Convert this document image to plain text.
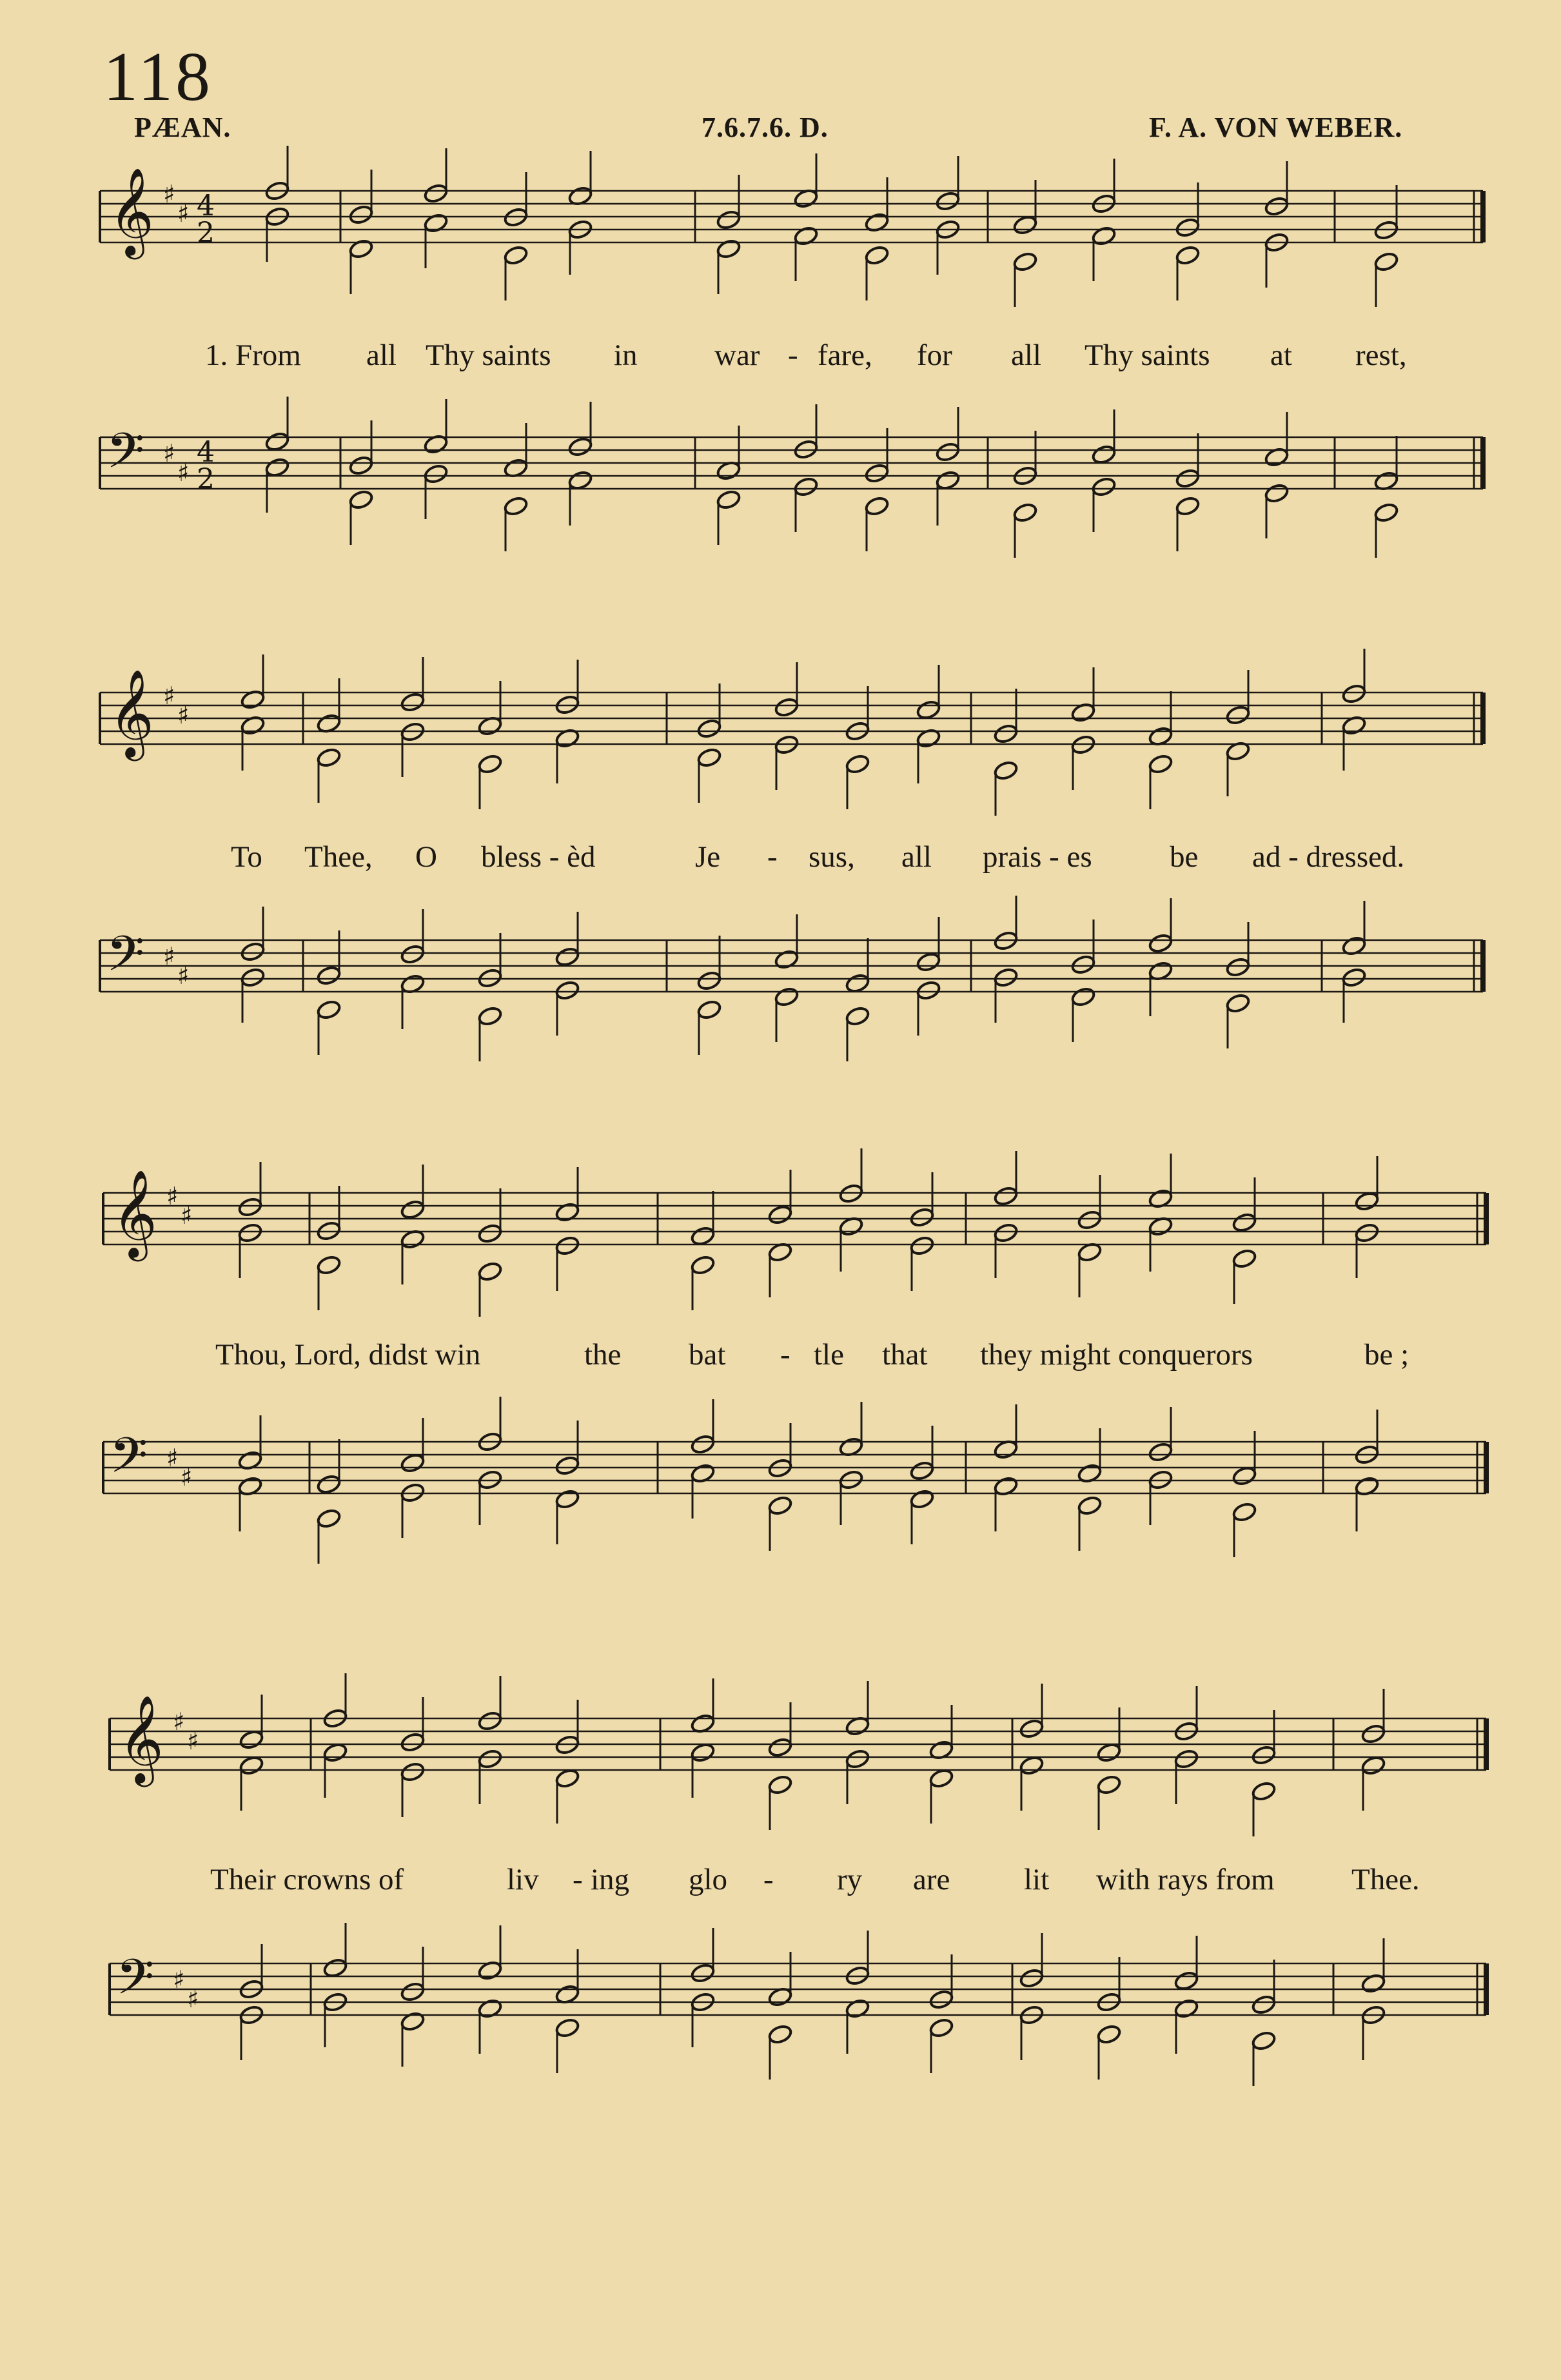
118
PÆAN.	7.6.7.6. D.	F. A. VON WEBER.
𝄞 ♯
♯ 4
2
𝄢 ♯
♯
4
2
𝄞 ♯
♯
𝄢 ♯
♯
𝄞 ♯
♯
𝄢 ♯
♯
𝄞 ♯
♯
𝄢 ♯
♯
1. From all Thy saints in	war - fare, for all Thy saints at rest,
To Thee, O bless - èd	Je - sus, all prais - es	be ad - dressed.
Thou, Lord, didst win	the bat - tle that they might conquerors	be ;
Their crowns of	liv - ing glo - ry are lit with rays from	Thee.
